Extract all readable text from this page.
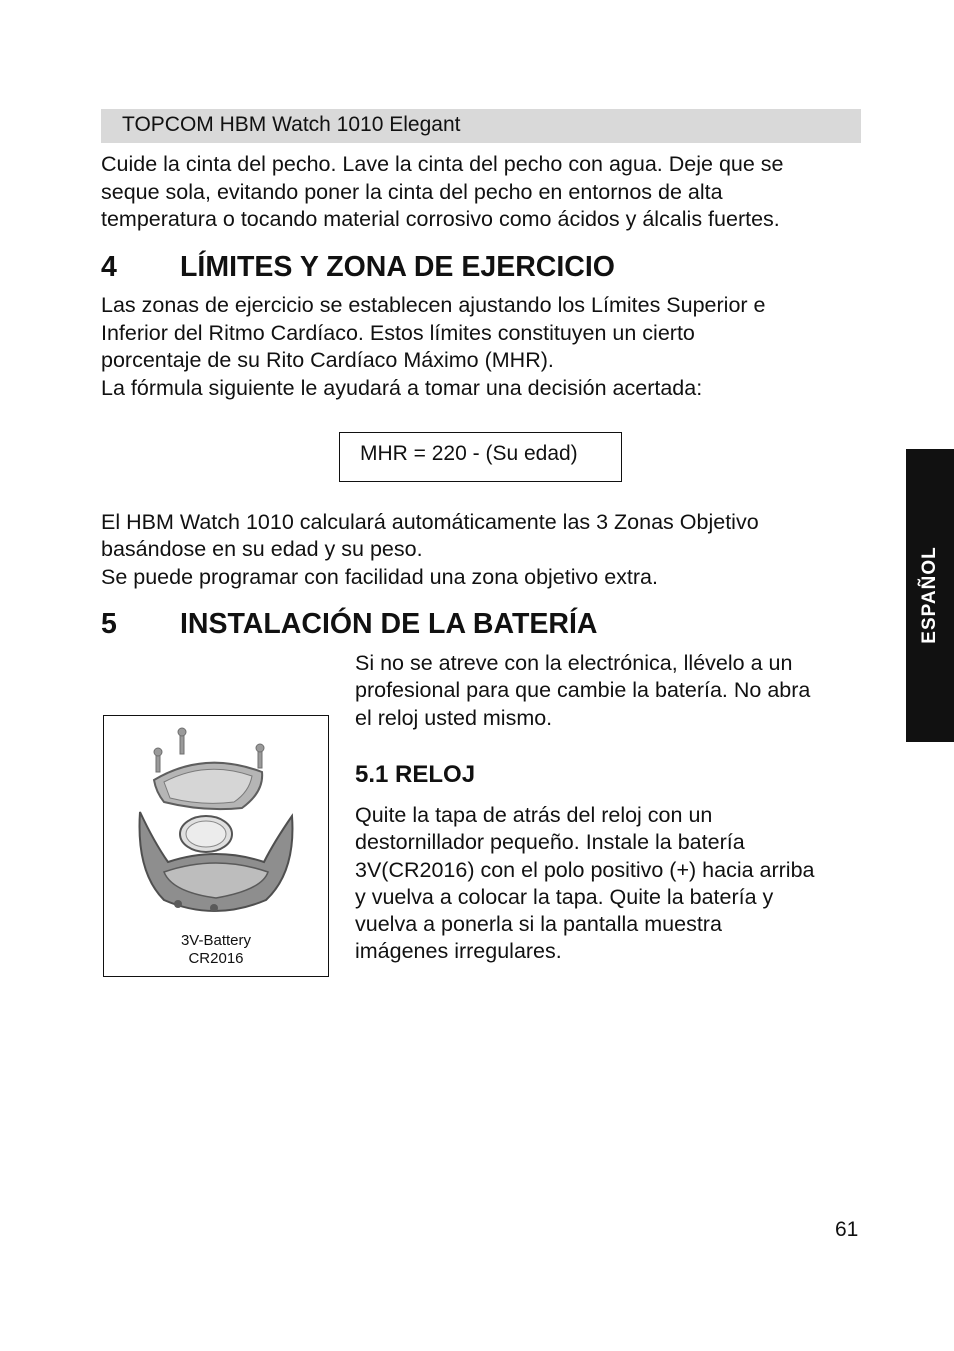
TOPCOM HBM Watch 1010 Elegant

Cuide la cinta del pecho. Lave la cinta del pecho con agua. Deje que se

seque sola, evitando poner la cinta del pecho en entornos de alta

temperatura o tocando material corrosivo como ácidos y álcalis fuertes.

4 LÍMITES Y ZONA DE EJERCICIO

Las zonas de ejercicio se establecen ajustando los Límites Superior e

Inferior del Ritmo Cardíaco. Estos límites constituyen un cierto

porcentaje de su Rito Cardíaco Máximo (MHR).

La fórmula siguiente le ayudará a tomar una decisión acertada:

MHR = 220 - (Su edad)

El HBM Watch 1010 calculará automáticamente las 3 Zonas Objetivo

basándose en su edad y su peso.

Se puede programar con facilidad una zona objetivo extra.

5 INSTALACIÓN DE LA BATERÍA

Si no se atreve con la electrónica, llévelo a un

profesional para que cambie la batería. No abra

el reloj usted mismo.

3V-Battery
CR2016
5.1 RELOJ

Quite la tapa de atrás del reloj con un

destornillador pequeño. Instale la batería

3V(CR2016) con el polo positivo (+) hacia arriba

y vuelva a colocar la tapa. Quite la batería y

vuelva a ponerla si la pantalla muestra

imágenes irregulares.

ESPAÑOL
61
